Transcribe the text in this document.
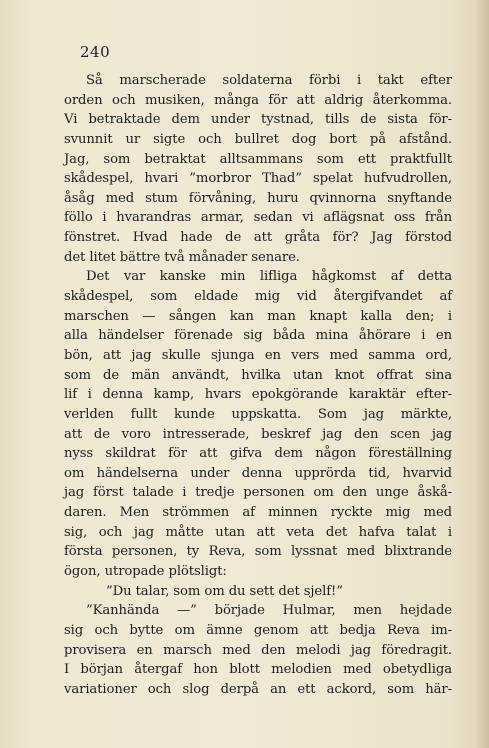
240
Så marscherade soldaterna förbi i takt efter
orden och musiken, många för att aldrig återkomma.
Vi betraktade dem under tystnad, tills de sista för-
svunnit ur sigte och bullret dog bort på afstånd.
Jag, som betraktat alltsammans som ett praktfullt
skådespel, hvari ”morbror Thad” spelat hufvudrollen,
åsåg med stum förvåning, huru qvinnorna snyftande
föllo i hvarandras armar, sedan vi aflägsnat oss från
fönstret. Hvad hade de att gråta för? Jag förstod
det litet bättre två månader senare.
Det var kanske min lifliga hågkomst af detta
skådespel, som eldade mig vid återgifvandet af
marschen — sången kan man knapt kalla den; i
alla händelser förenade sig båda mina åhörare i en
bön, att jag skulle sjunga en vers med samma ord,
som de män användt, hvilka utan knot offrat sina
lif i denna kamp, hvars epokgörande karaktär efter-
verlden fullt kunde uppskatta. Som jag märkte,
att de voro intresserade, beskref jag den scen jag
nyss skildrat för att gifva dem någon föreställning
om händelserna under denna upprörda tid, hvarvid
jag först talade i tredje personen om den unge åskå-
daren. Men strömmen af minnen ryckte mig med
sig, och jag måtte utan att veta det hafva talat i
första personen, ty Reva, som lyssnat med blixtrande
ögon, utropade plötsligt:
”Du talar, som om du sett det sjelf!”
”Kanhända —” började Hulmar, men hejdade
sig och bytte om ämne genom att bedja Reva im-
provisera en marsch med den melodi jag föredragit.
I början återgaf hon blott melodien med obetydliga
variationer och slog derpå an ett ackord, som här-
